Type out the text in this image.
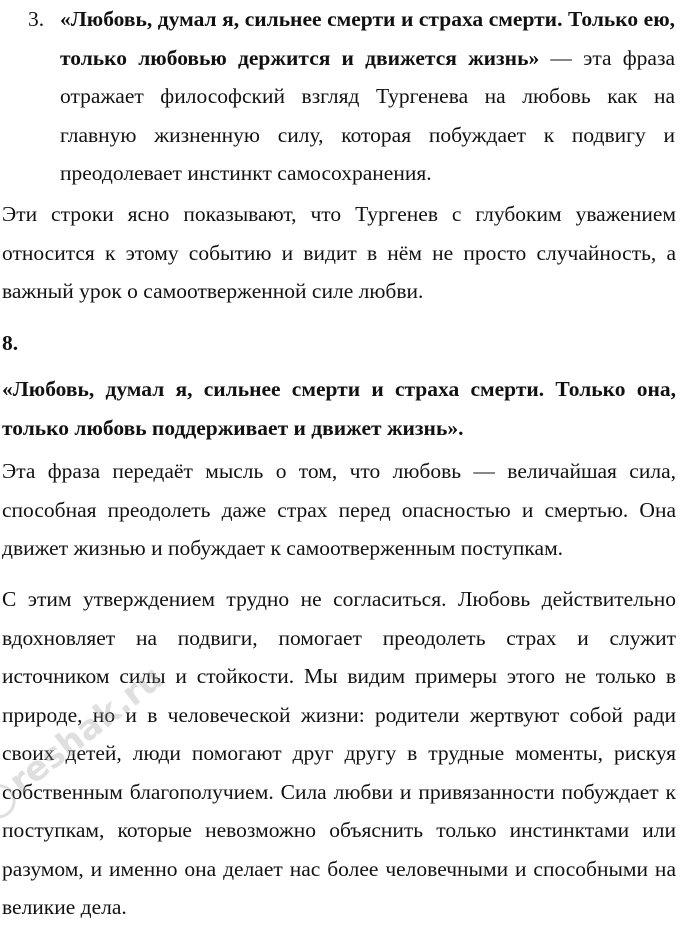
3. «Любовь, думал я, сильнее смерти и страха смерти. Только ею, только любовью держится и движется жизнь» — эта фраза отражает философский взгляд Тургенева на любовь как на главную жизненную силу, которая побуждает к подвигу и преодолевает инстинкт самосохранения.

Эти строки ясно показывают, что Тургенев с глубоким уважением относится к этому событию и видит в нём не просто случайность, а важный урок о самоотверженной силе любви.

8.

«Любовь, думал я, сильнее смерти и страха смерти. Только она, только любовь поддерживает и движет жизнь».

Эта фраза передаёт мысль о том, что любовь — величайшая сила, способная преодолеть даже страх перед опасностью и смертью. Она движет жизнью и побуждает к самоотверженным поступкам.

С этим утверждением трудно не согласиться. Любовь действительно вдохновляет на подвиги, помогает преодолеть страх и служит источником силы и стойкости. Мы видим примеры этого не только в природе, но и в человеческой жизни: родители жертвуют собой ради своих детей, люди помогают друг другу в трудные моменты, рискуя собственным благополучием. Сила любви и привязанности побуждает к поступкам, которые невозможно объяснить только инстинктами или разумом, и именно она делает нас более человечными и способными на великие дела.

reshak.ru
